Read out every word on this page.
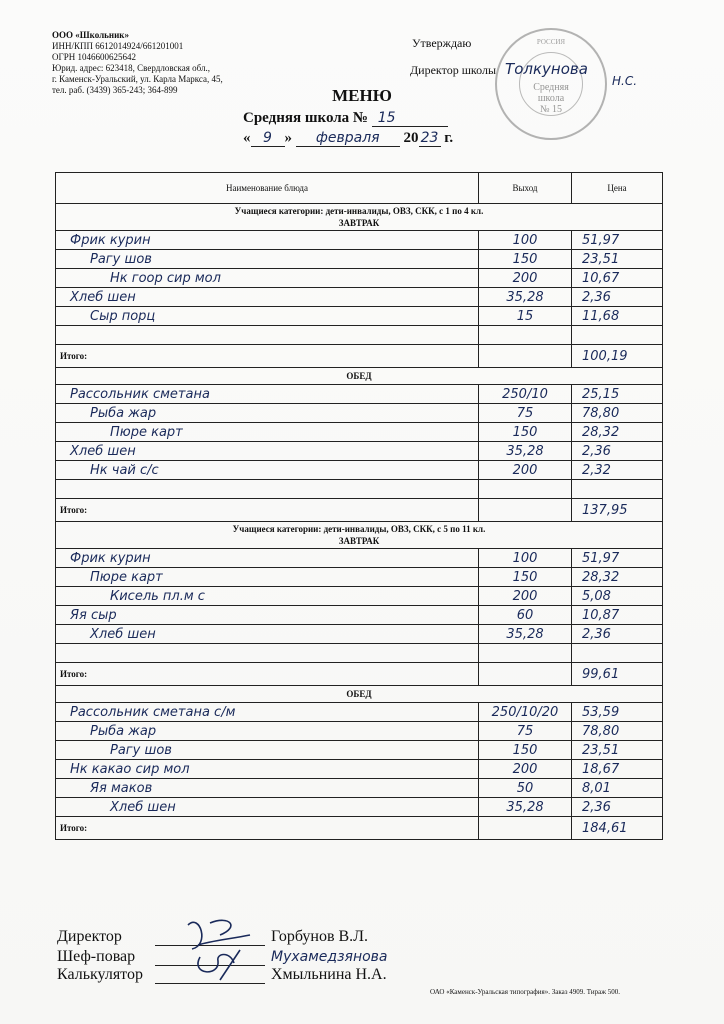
ООО «Школьник»
ИНН/КПП 6612014924/661201001
ОГРН 1046600625642
Юрид. адрес: 623418, Свердловская обл.,
г. Каменск-Уральский, ул. Карла Маркса, 45,
тел. раб. (3439) 365-243; 364-899
РОССИЯ
Средняя
школа
№ 15
Утверждаю
Директор школы Толкунова
Н.С.
МЕНЮ
Средняя школа № 15
« 9 » февраля 20 23 г.
Наименование блюда	Выход	Цена
Учащиеся категории: дети-инвалиды, ОВЗ, СКК, с 1 по 4 кл.
ЗАВТРАК		
Фрик курин	100	51,97
Рагу шов	150	23,51
Нк гоор сир мол	200	10,67
Хлеб шен	35,28	2,36
Сыр порц	15	11,68

Итого:		100,19
ОБЕД		
Рассольник сметана	250/10	25,15
Рыба жар	75	78,80
Пюре карт	150	28,32
Хлеб шен	35,28	2,36
Нк чай с/с	200	2,32

Итого:		137,95
Учащиеся категории: дети-инвалиды, ОВЗ, СКК, с 5 по 11 кл.
ЗАВТРАК		
Фрик курин	100	51,97
Пюре карт	150	28,32
Кисель пл.м с	200	5,08
Яя сыр	60	10,87
Хлеб шен	35,28	2,36

Итого:		99,61
ОБЕД		
Рассольник сметана с/м	250/10/20	53,59
Рыба жар	75	78,80
Рагу шов	150	23,51
Нк какао сир мол	200	18,67
Яя маков	50	8,01
Хлеб шен	35,28	2,36
Итого:		184,61
Директор	Горбунов В.Л.
Шеф-повар	Мухамедзянова
Калькулятор	Хмыльнина Н.А.
ОАО «Каменск-Уральская типография». Заказ 4909. Тираж 500.
